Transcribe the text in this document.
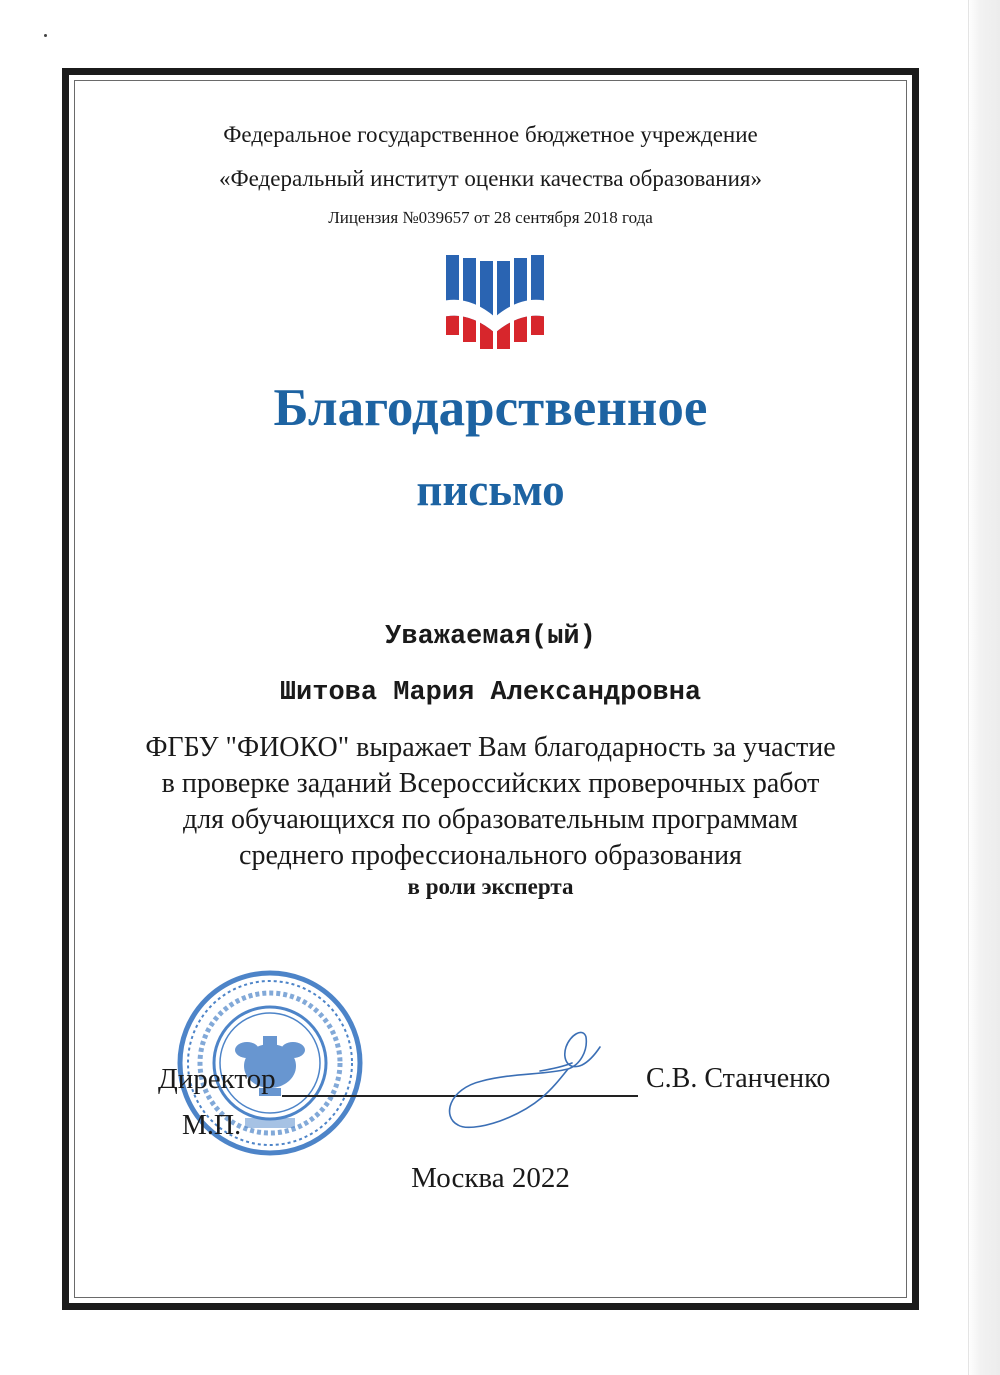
Федеральное государственное бюджетное учреждение
«Федеральный институт оценки качества образования»
Лицензия №039657 от 28 сентября 2018 года
Благодарственное
письмо
Уважаемая(ый)
Шитова Мария Александровна
ФГБУ "ФИОКО" выражает Вам благодарность за участие
в проверке заданий Всероссийских проверочных работ
для обучающихся по образовательным программам
среднего профессионального образования
в роли эксперта
Директор
М.П.
С.В. Станченко
Москва 2022
